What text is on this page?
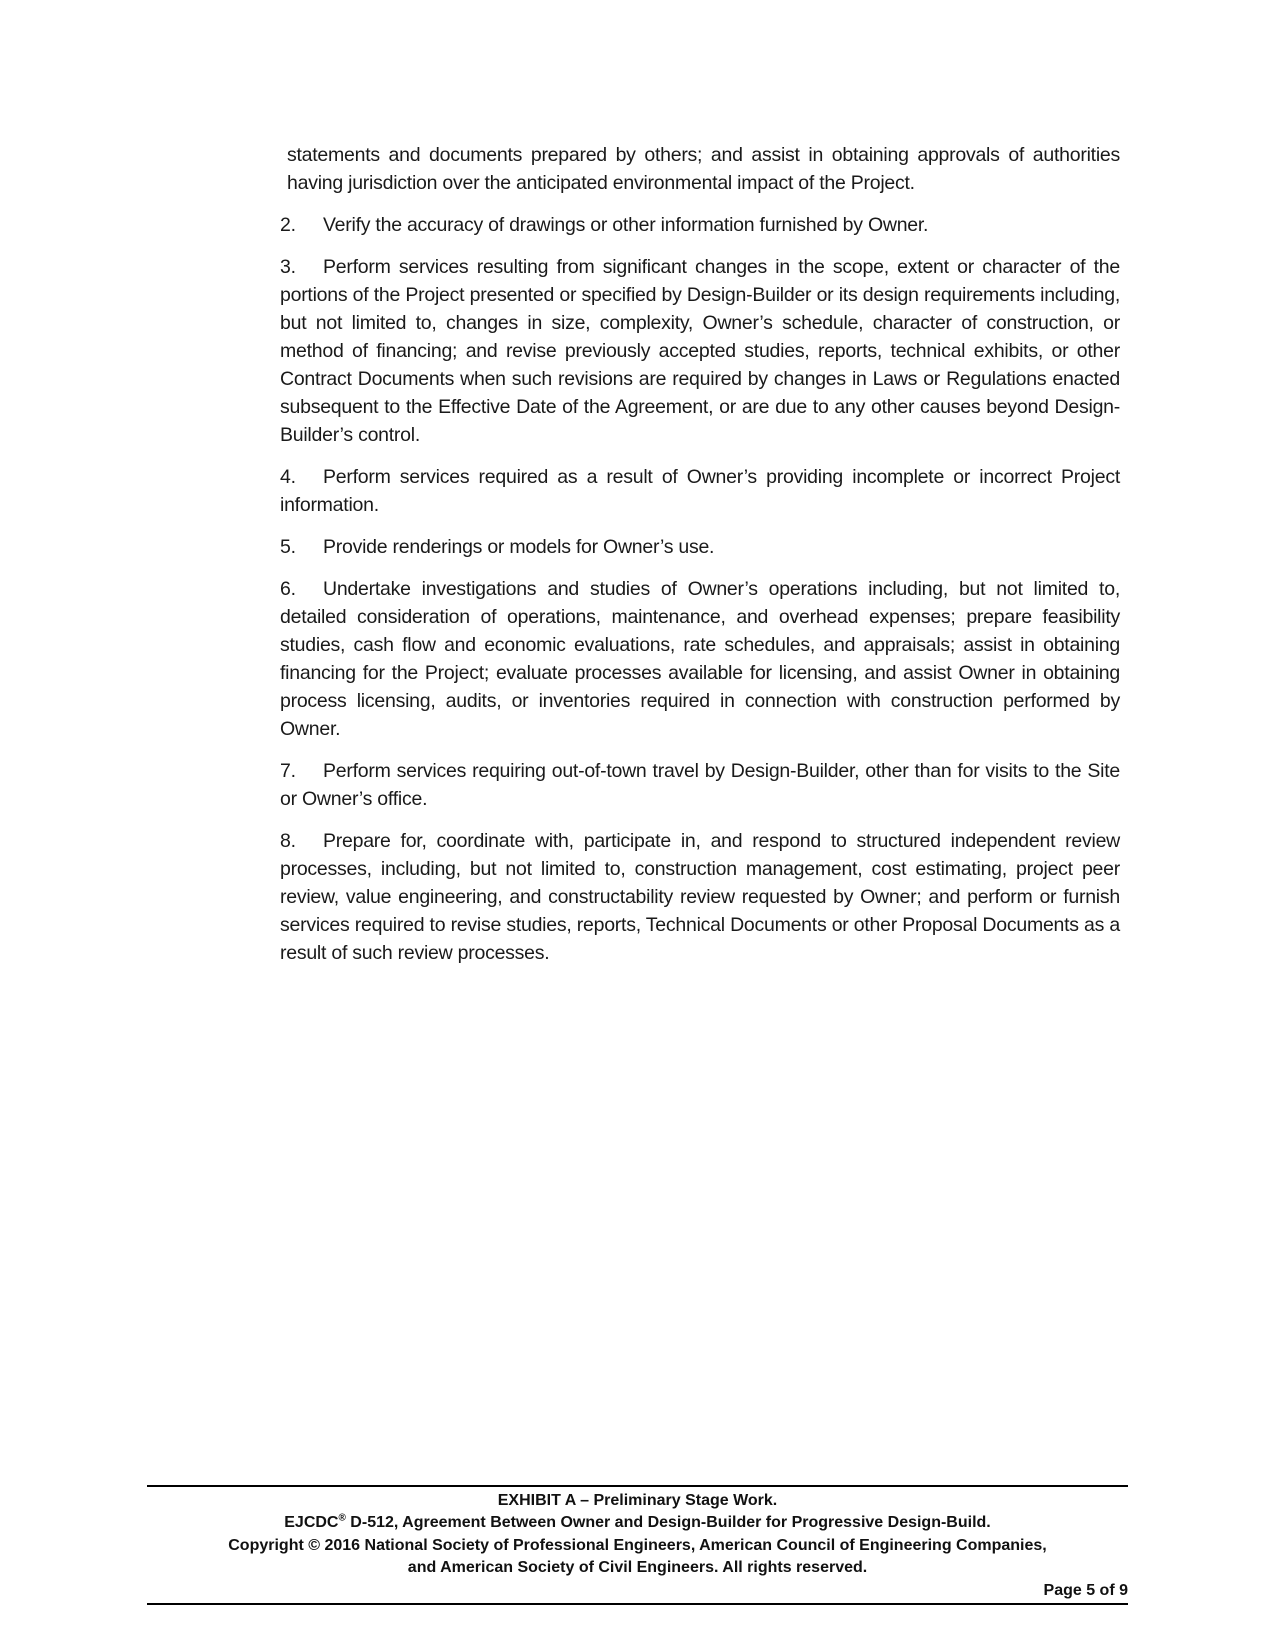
statements and documents prepared by others; and assist in obtaining approvals of authorities having jurisdiction over the anticipated environmental impact of the Project.

2. Verify the accuracy of drawings or other information furnished by Owner.

3. Perform services resulting from significant changes in the scope, extent or character of the portions of the Project presented or specified by Design-Builder or its design requirements including, but not limited to, changes in size, complexity, Owner’s schedule, character of construction, or method of financing; and revise previously accepted studies, reports, technical exhibits, or other Contract Documents when such revisions are required by changes in Laws or Regulations enacted subsequent to the Effective Date of the Agreement, or are due to any other causes beyond Design-Builder’s control.

4. Perform services required as a result of Owner’s providing incomplete or incorrect Project information.

5. Provide renderings or models for Owner’s use.

6. Undertake investigations and studies of Owner’s operations including, but not limited to, detailed consideration of operations, maintenance, and overhead expenses; prepare feasibility studies, cash flow and economic evaluations, rate schedules, and appraisals; assist in obtaining financing for the Project; evaluate processes available for licensing, and assist Owner in obtaining process licensing, audits, or inventories required in connection with construction performed by Owner.

7. Perform services requiring out-of-town travel by Design-Builder, other than for visits to the Site or Owner’s office.

8. Prepare for, coordinate with, participate in, and respond to structured independent review processes, including, but not limited to, construction management, cost estimating, project peer review, value engineering, and constructability review requested by Owner; and perform or furnish services required to revise studies, reports, Technical Documents or other Proposal Documents as a result of such review processes.

EXHIBIT A – Preliminary Stage Work.
EJCDC® D-512, Agreement Between Owner and Design-Builder for Progressive Design-Build.
Copyright © 2016 National Society of Professional Engineers, American Council of Engineering Companies,
and American Society of Civil Engineers. All rights reserved.
Page 5 of 9
